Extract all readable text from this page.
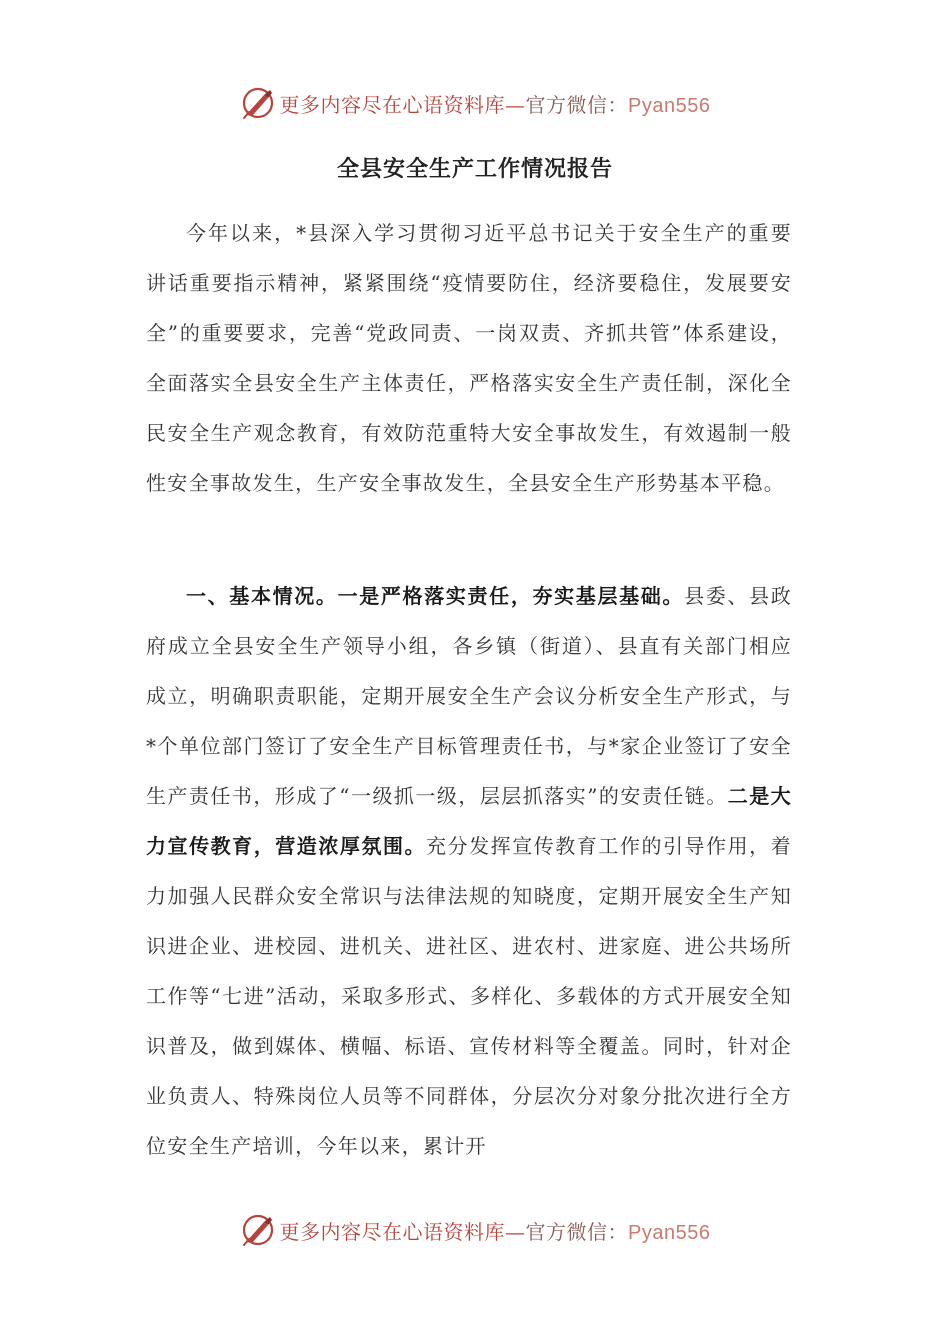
更多内容尽在心语资料库—官方微信：Pyan556
全县安全生产工作情况报告

今年以来，*县深入学习贯彻习近平总书记关于安全生产的重要讲话重要指示精神，紧紧围绕“疫情要防住，经济要稳住，发展要安全”的重要要求，完善“党政同责、一岗双责、齐抓共管”体系建设，全面落实全县安全生产主体责任，严格落实安全生产责任制，深化全民安全生产观念教育，有效防范重特大安全事故发生，有效遏制一般性安全事故发生，生产安全事故发生，全县安全生产形势基本平稳。

一、基本情况。一是严格落实责任，夯实基层基础。县委、县政府成立全县安全生产领导小组，各乡镇（街道）、县直有关部门相应成立，明确职责职能，定期开展安全生产会议分析安全生产形式，与*个单位部门签订了安全生产目标管理责任书，与*家企业签订了安全生产责任书，形成了“一级抓一级，层层抓落实”的安责任链。二是大力宣传教育，营造浓厚氛围。充分发挥宣传教育工作的引导作用，着力加强人民群众安全常识与法律法规的知晓度，定期开展安全生产知识进企业、进校园、进机关、进社区、进农村、进家庭、进公共场所工作等“七进”活动，采取多形式、多样化、多载体的方式开展安全知识普及，做到媒体、横幅、标语、宣传材料等全覆盖。同时，针对企业负责人、特殊岗位人员等不同群体，分层次分对象分批次进行全方位安全生产培训，今年以来，累计开

更多内容尽在心语资料库—官方微信：Pyan556
